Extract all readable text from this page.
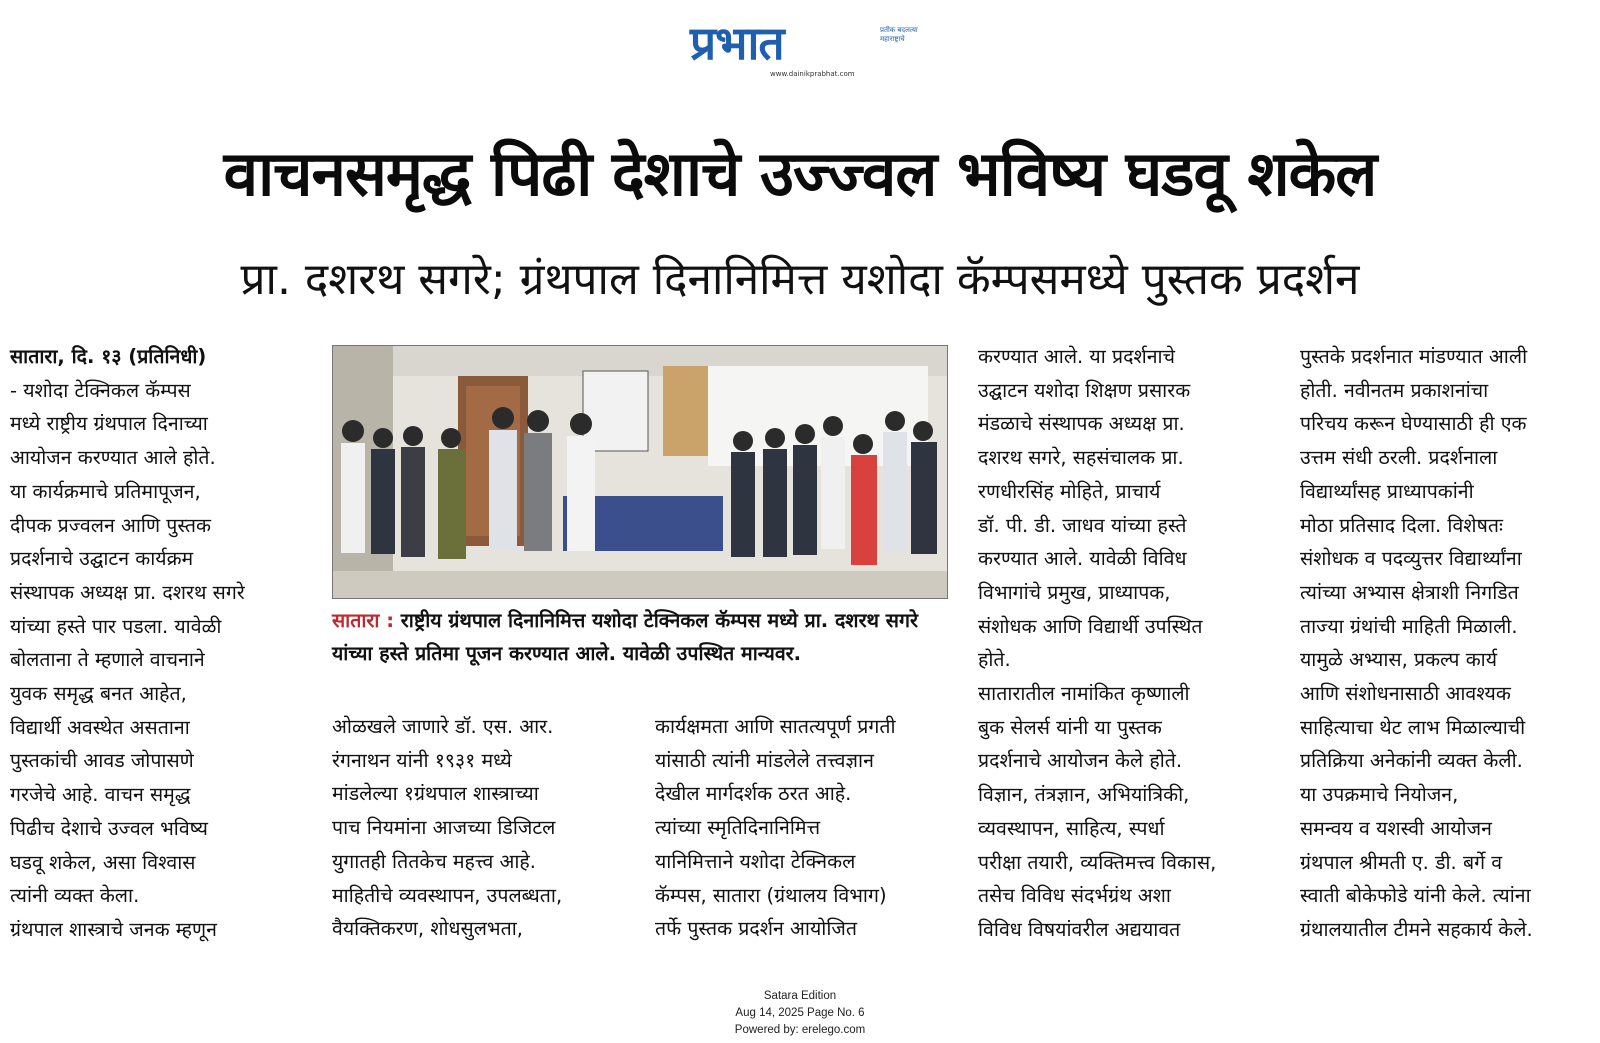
प्रभात	प्रतीक बदलत्या महाराष्ट्राचे
www.dainikprabhat.com
वाचनसमृद्ध पिढी देशाचे उज्ज्वल भविष्य घडवू शकेल
प्रा. दशरथ सगरे; ग्रंथपाल दिनानिमित्त यशोदा कॅम्पसमध्ये पुस्तक प्रदर्शन
सातारा, दि. १३ (प्रतिनिधी)
- यशोदा टेक्निकल कॅम्पस
मध्ये राष्ट्रीय ग्रंथपाल दिनाच्या
आयोजन करण्यात आले होते.
या कार्यक्रमाचे प्रतिमापूजन,
दीपक प्रज्वलन आणि पुस्तक
प्रदर्शनाचे उद्घाटन कार्यक्रम
संस्थापक अध्यक्ष प्रा. दशरथ सगरे
यांच्या हस्ते पार पडला. यावेळी
बोलताना ते म्हणाले वाचनाने
युवक समृद्ध बनत आहेत,
विद्यार्थी अवस्थेत असताना
पुस्तकांची आवड जोपासणे
गरजेचे आहे. वाचन समृद्ध
पिढीच देशाचे उज्वल भविष्य
घडवू शकेल, असा विश्वास
त्यांनी व्यक्त केला.
ग्रंथपाल शास्त्राचे जनक म्हणून
सातारा : राष्ट्रीय ग्रंथपाल दिनानिमित्त यशोदा टेक्निकल कॅम्पस मध्ये प्रा. दशरथ सगरे यांच्या हस्ते प्रतिमा पूजन करण्यात आले. यावेळी उपस्थित मान्यवर.
ओळखले जाणारे डॉ. एस. आर.
रंगनाथन यांनी १९३१ मध्ये
मांडलेल्या १ग्रंथपाल शास्त्राच्या
पाच नियमांना आजच्या डिजिटल
युगातही तितकेच महत्त्व आहे.
माहितीचे व्यवस्थापन, उपलब्धता,
वैयक्तिकरण, शोधसुलभता,
कार्यक्षमता आणि सातत्यपूर्ण प्रगती
यांसाठी त्यांनी मांडलेले तत्त्वज्ञान
देखील मार्गदर्शक ठरत आहे.
त्यांच्या स्मृतिदिनानिमित्त
यानिमित्ताने यशोदा टेक्निकल
कॅम्पस, सातारा (ग्रंथालय विभाग)
तर्फे पुस्तक प्रदर्शन आयोजित
करण्यात आले. या प्रदर्शनाचे
उद्घाटन यशोदा शिक्षण प्रसारक
मंडळाचे संस्थापक अध्यक्ष प्रा.
दशरथ सगरे, सहसंचालक प्रा.
रणधीरसिंह मोहिते, प्राचार्य
डॉ. पी. डी. जाधव यांच्या हस्ते
करण्यात आले. यावेळी विविध
विभागांचे प्रमुख, प्राध्यापक,
संशोधक आणि विद्यार्थी उपस्थित
होते.
सातारातील नामांकित कृष्णाली
बुक सेलर्स यांनी या पुस्तक
प्रदर्शनाचे आयोजन केले होते.
विज्ञान, तंत्रज्ञान, अभियांत्रिकी,
व्यवस्थापन, साहित्य, स्पर्धा
परीक्षा तयारी, व्यक्तिमत्त्व विकास,
तसेच विविध संदर्भग्रंथ अशा
विविध विषयांवरील अद्ययावत
पुस्तके प्रदर्शनात मांडण्यात आली
होती. नवीनतम प्रकाशनांचा
परिचय करून घेण्यासाठी ही एक
उत्तम संधी ठरली. प्रदर्शनाला
विद्यार्थ्यांसह प्राध्यापकांनी
मोठा प्रतिसाद दिला. विशेषतः
संशोधक व पदव्युत्तर विद्यार्थ्यांना
त्यांच्या अभ्यास क्षेत्राशी निगडित
ताज्या ग्रंथांची माहिती मिळाली.
यामुळे अभ्यास, प्रकल्प कार्य
आणि संशोधनासाठी आवश्यक
साहित्याचा थेट लाभ मिळाल्याची
प्रतिक्रिया अनेकांनी व्यक्त केली.
या उपक्रमाचे नियोजन,
समन्वय व यशस्वी आयोजन
ग्रंथपाल श्रीमती ए. डी. बर्गे व
स्वाती बोकेफोडे यांनी केले. त्यांना
ग्रंथालयातील टीमने सहकार्य केले.
Satara Edition
Aug 14, 2025 Page No. 6
Powered by: erelego.com
